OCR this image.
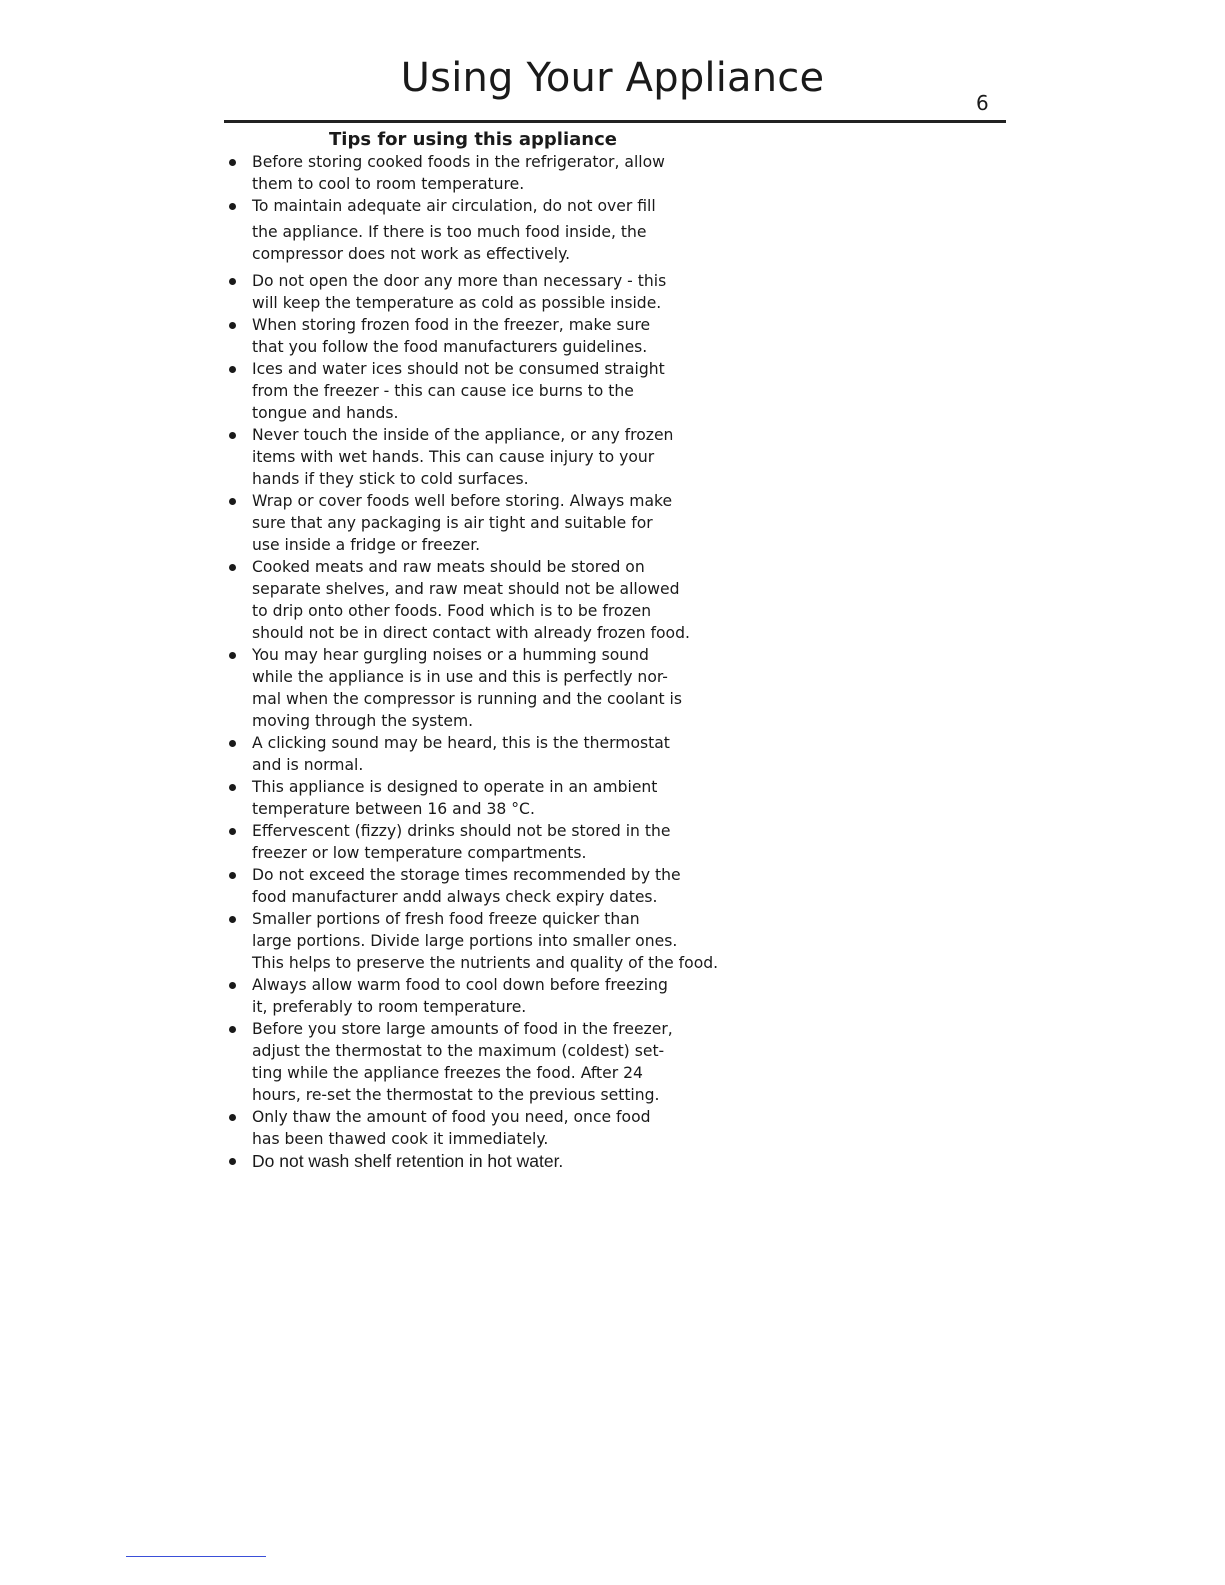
Using Your Appliance
6
Tips for using this appliance
Before storing cooked foods in the refrigerator, allow
them to cool to room temperature.
To maintain adequate air circulation, do not over fill
the appliance. If there is too much food inside, the
compressor does not work as effectively.
Do not open the door any more than necessary - this
will keep the temperature as cold as possible inside.
When storing frozen food in the freezer, make sure
that you follow the food manufacturers guidelines.
Ices and water ices should not be consumed straight
from the freezer - this can cause ice burns to the
tongue and hands.
Never touch the inside of the appliance, or any frozen
items with wet hands. This can cause injury to your
hands if they stick to cold surfaces.
Wrap or cover foods well before storing. Always make
sure that any packaging is air tight and suitable for
use inside a fridge or freezer.
Cooked meats and raw meats should be stored on
separate shelves, and raw meat should not be allowed
to drip onto other foods. Food which is to be frozen
should not be in direct contact with already frozen food.
You may hear gurgling noises or a humming sound
while the appliance is in use and this is perfectly nor-
mal when the compressor is running and the coolant is
moving through the system.
A clicking sound may be heard, this is the thermostat
and is normal.
This appliance is designed to operate in an ambient
temperature between 16 and 38 °C.
Effervescent (fizzy) drinks should not be stored in the
freezer or low temperature compartments.
Do not exceed the storage times recommended by the
food manufacturer andd always check expiry dates.
Smaller portions of fresh food freeze quicker than
large portions. Divide large portions into smaller ones.
This helps to preserve the nutrients and quality of the food.
Always allow warm food to cool down before freezing
it, preferably to room temperature.
Before you store large amounts of food in the freezer,
adjust the thermostat to the maximum (coldest) set-
ting while the appliance freezes the food. After 24
hours, re-set the thermostat to the previous setting.
Only thaw the amount of food you need, once food
has been thawed cook it immediately.
Do not wash shelf retention in hot water.
